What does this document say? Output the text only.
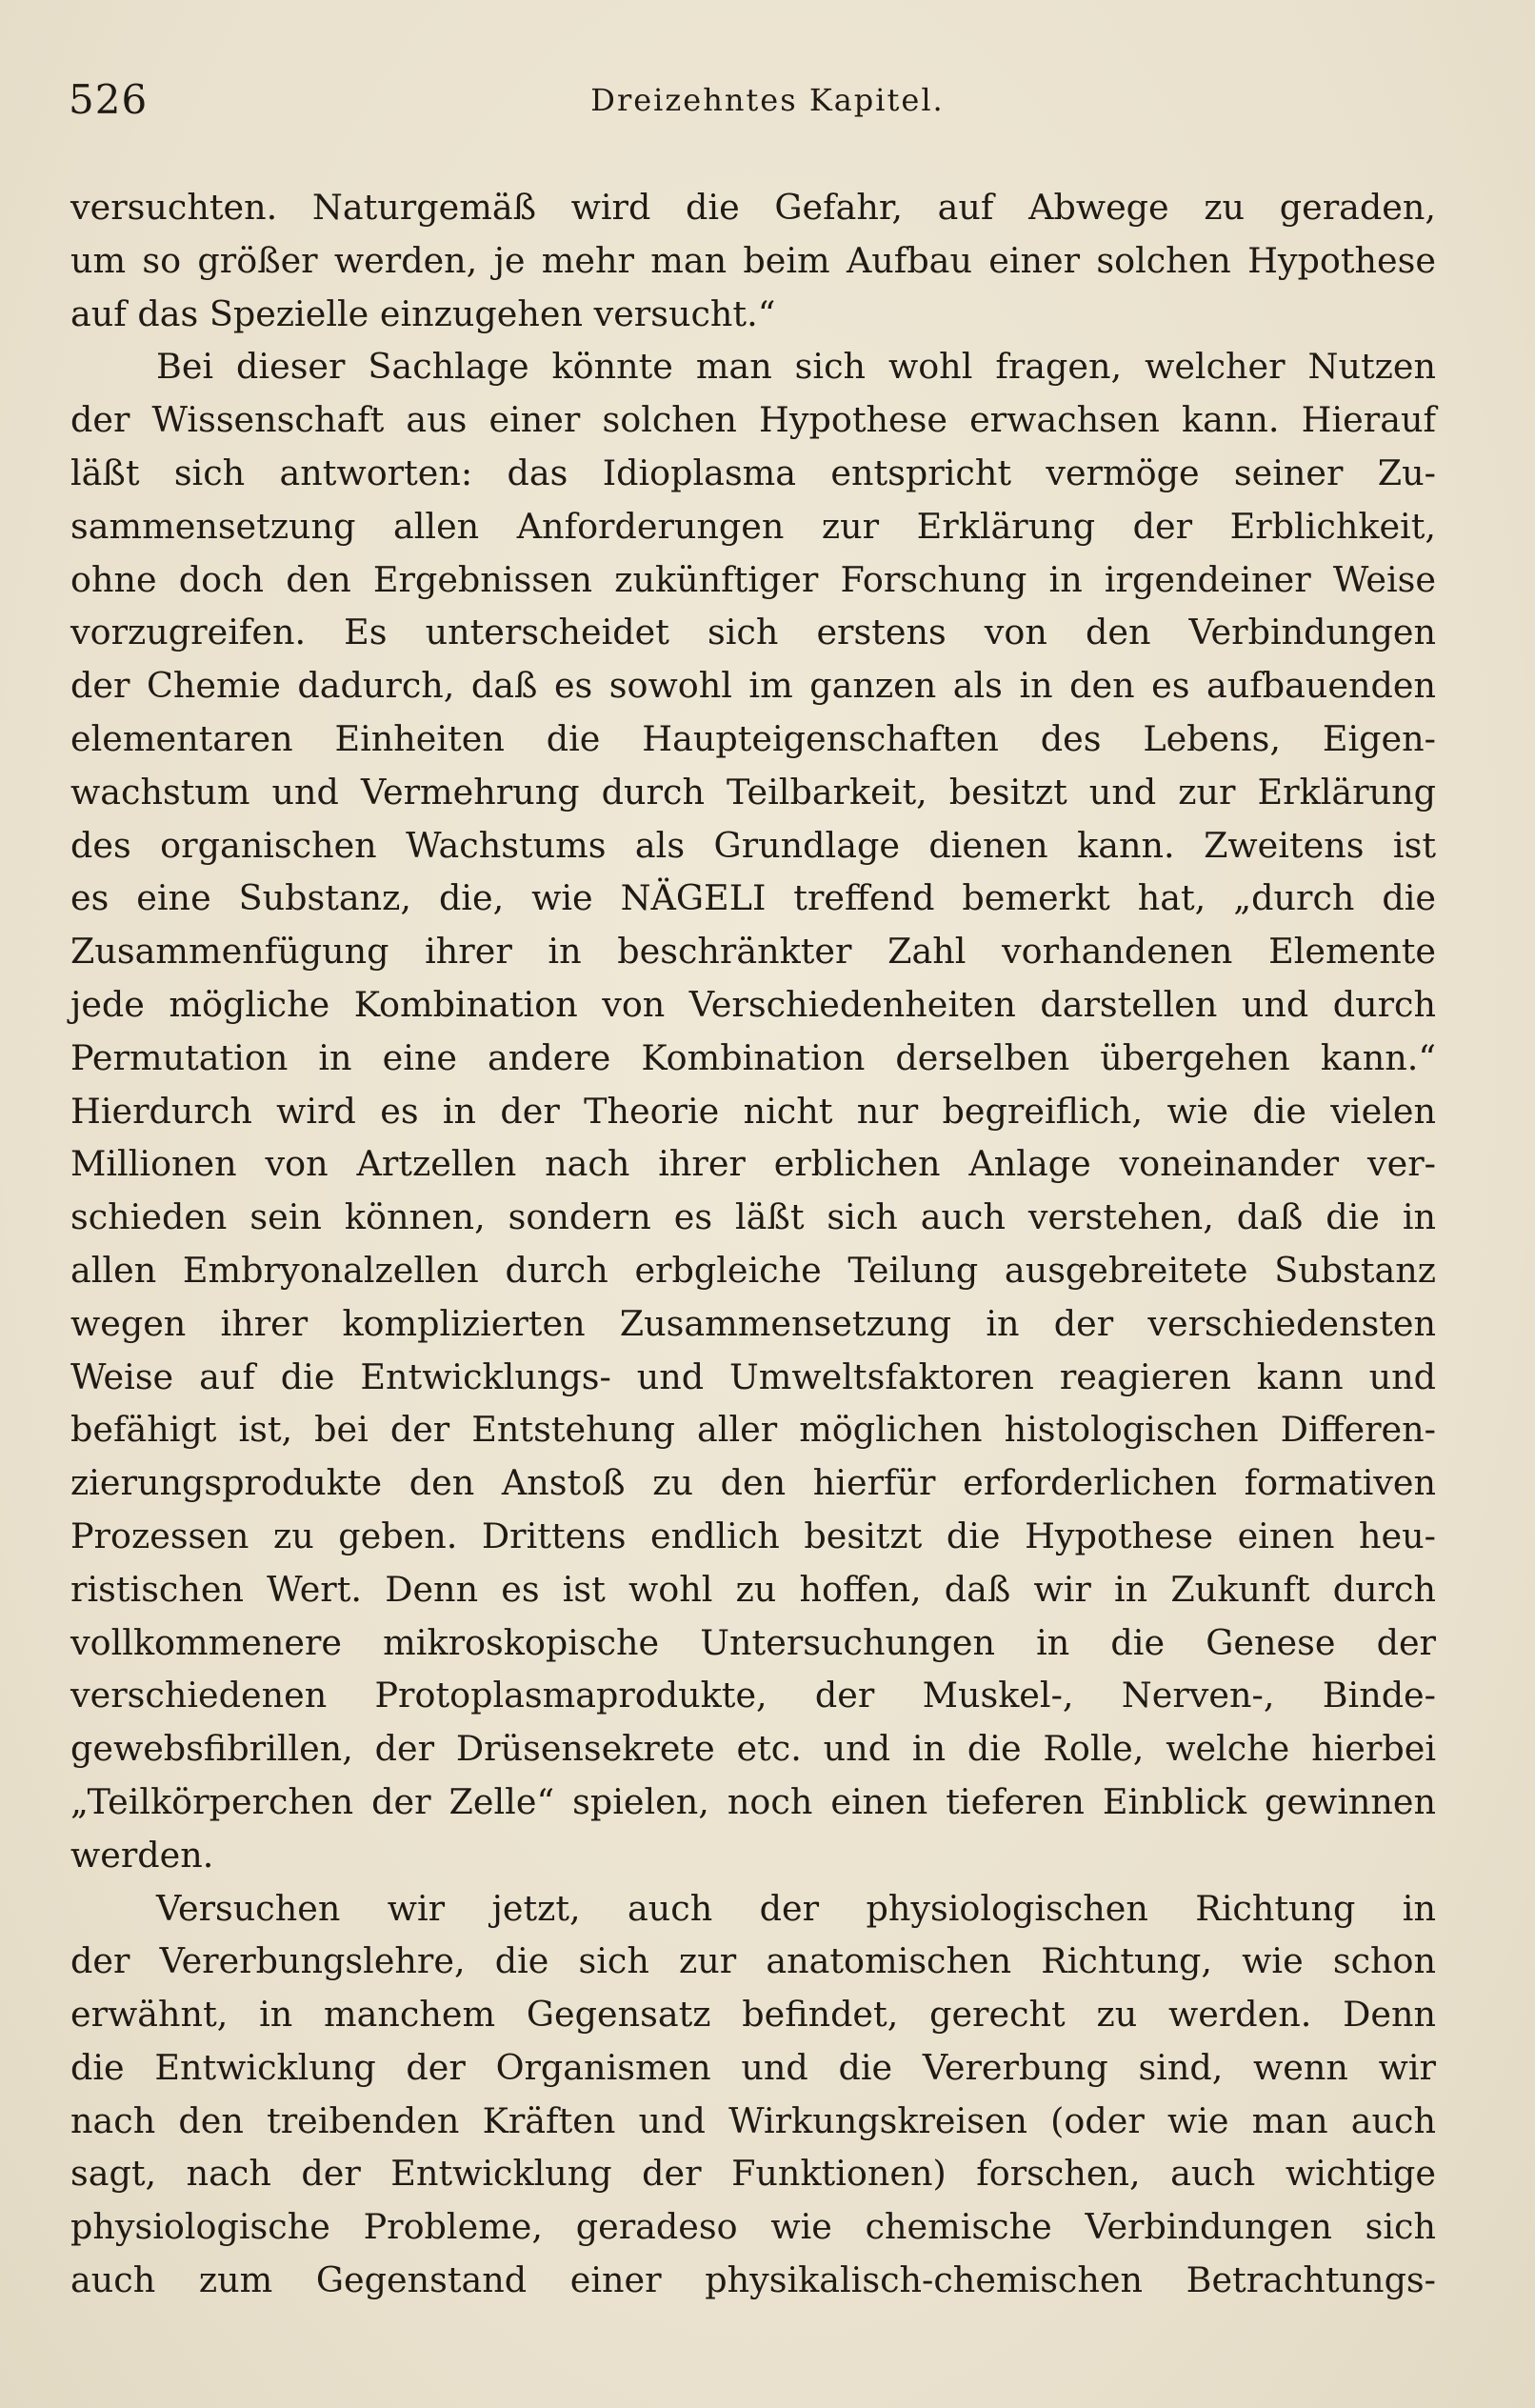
526	Dreizehntes Kapitel.
versuchten. Naturgemäß wird die Gefahr, auf Abwege zu geraden,
um so größer werden, je mehr man beim Aufbau einer solchen Hypothese
auf das Spezielle einzugehen versucht.“
Bei dieser Sachlage könnte man sich wohl fragen, welcher Nutzen
der Wissenschaft aus einer solchen Hypothese erwachsen kann. Hierauf
läßt sich antworten: das Idioplasma entspricht vermöge seiner Zu-
sammensetzung allen Anforderungen zur Erklärung der Erblichkeit,
ohne doch den Ergebnissen zukünftiger Forschung in irgendeiner Weise
vorzugreifen. Es unterscheidet sich erstens von den Verbindungen
der Chemie dadurch, daß es sowohl im ganzen als in den es aufbauenden
elementaren Einheiten die Haupteigenschaften des Lebens, Eigen-
wachstum und Vermehrung durch Teilbarkeit, besitzt und zur Erklärung
des organischen Wachstums als Grundlage dienen kann. Zweitens ist
es eine Substanz, die, wie NÄGELI treffend bemerkt hat, „durch die
Zusammenfügung ihrer in beschränkter Zahl vorhandenen Elemente
jede mögliche Kombination von Verschiedenheiten darstellen und durch
Permutation in eine andere Kombination derselben übergehen kann.“
Hierdurch wird es in der Theorie nicht nur begreiflich, wie die vielen
Millionen von Artzellen nach ihrer erblichen Anlage voneinander ver-
schieden sein können, sondern es läßt sich auch verstehen, daß die in
allen Embryonalzellen durch erbgleiche Teilung ausgebreitete Substanz
wegen ihrer komplizierten Zusammensetzung in der verschiedensten
Weise auf die Entwicklungs- und Umweltsfaktoren reagieren kann und
befähigt ist, bei der Entstehung aller möglichen histologischen Differen-
zierungsprodukte den Anstoß zu den hierfür erforderlichen formativen
Prozessen zu geben. Drittens endlich besitzt die Hypothese einen heu-
ristischen Wert. Denn es ist wohl zu hoffen, daß wir in Zukunft durch
vollkommenere mikroskopische Untersuchungen in die Genese der
verschiedenen Protoplasmaprodukte, der Muskel-, Nerven-, Binde-
gewebsfibrillen, der Drüsensekrete etc. und in die Rolle, welche hierbei
„Teilkörperchen der Zelle“ spielen, noch einen tieferen Einblick gewinnen
werden.
Versuchen wir jetzt, auch der physiologischen Richtung in
der Vererbungslehre, die sich zur anatomischen Richtung, wie schon
erwähnt, in manchem Gegensatz befindet, gerecht zu werden. Denn
die Entwicklung der Organismen und die Vererbung sind, wenn wir
nach den treibenden Kräften und Wirkungskreisen (oder wie man auch
sagt, nach der Entwicklung der Funktionen) forschen, auch wichtige
physiologische Probleme, geradeso wie chemische Verbindungen sich
auch zum Gegenstand einer physikalisch-chemischen Betrachtungs-
